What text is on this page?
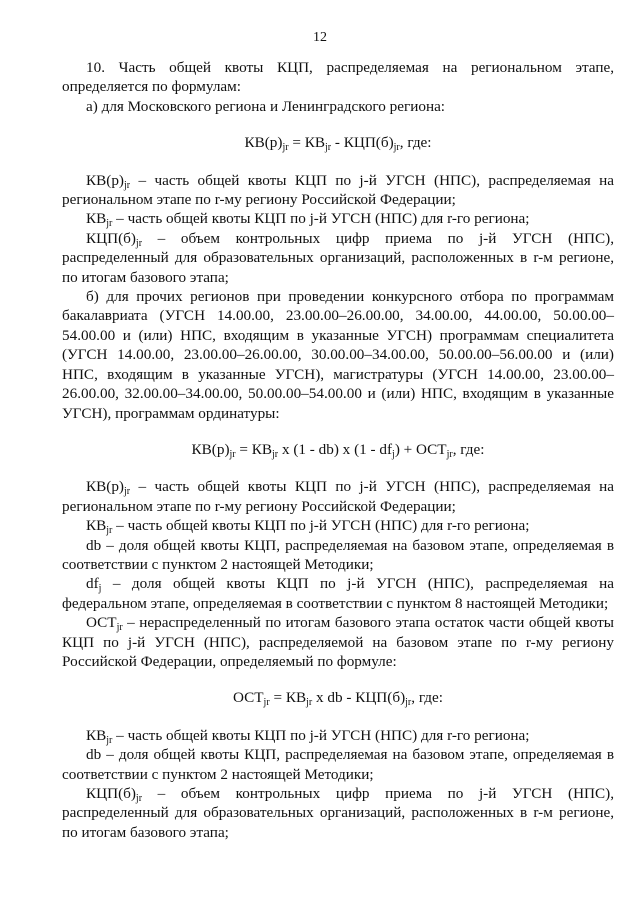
12

10. Часть общей квоты КЦП, распределяемая на региональном этапе, определяется по формулам:

а) для Московского региона и Ленинградского региона:

$КВ(р)_{jr} = КВ_{jr} - КЦП(б)_{jr}$, где:

$КВ(р)_{jr}$ – часть общей квоты КЦП по j-й УГСН (НПС), распределяемая на региональном этапе по r-му региону Российской Федерации;

$КВ_{jr}$ – часть общей квоты КЦП по j-й УГСН (НПС) для r-го региона;

$КЦП(б)_{jr}$ – объем контрольных цифр приема по j-й УГСН (НПС), распределенный для образовательных организаций, расположенных в r-м регионе, по итогам базового этапа;

б) для прочих регионов при проведении конкурсного отбора по программам бакалавриата (УГСН 14.00.00, 23.00.00–26.00.00, 34.00.00, 44.00.00, 50.00.00–54.00.00 и (или) НПС, входящим в указанные УГСН) программам специалитета (УГСН 14.00.00, 23.00.00–26.00.00, 30.00.00–34.00.00, 50.00.00–56.00.00 и (или) НПС, входящим в указанные УГСН), магистратуры (УГСН 14.00.00, 23.00.00–26.00.00, 32.00.00–34.00.00, 50.00.00–54.00.00 и (или) НПС, входящим в указанные УГСН), программам ординатуры:

$КВ(р)_{jr} = КВ_{jr}$ x (1 - db) x $(1 - df_j) + ОСТ_{jr}$, где:

$КВ(р)_{jr}$ – часть общей квоты КЦП по j-й УГСН (НПС), распределяемая на региональном этапе по r-му региону Российской Федерации;

$КВ_{jr}$ – часть общей квоты КЦП по j-й УГСН (НПС) для r-го региона;

db – доля общей квоты КЦП, распределяемая на базовом этапе, определяемая в соответствии с пунктом 2 настоящей Методики;

$df_j$ – доля общей квоты КЦП по j-й УГСН (НПС), распределяемая на федеральном этапе, определяемая в соответствии с пунктом 8 настоящей Методики;

$ОСТ_{jr}$ – нераспределенный по итогам базового этапа остаток части общей квоты КЦП по j-й УГСН (НПС), распределяемой на базовом этапе по r-му региону Российской Федерации, определяемый по формуле:

$ОСТ_{jr} = КВ_{jr}$ x db - $КЦП(б)_{jr}$, где:

$КВ_{jr}$ – часть общей квоты КЦП по j-й УГСН (НПС) для r-го региона;

db – доля общей квоты КЦП, распределяемая на базовом этапе, определяемая в соответствии с пунктом 2 настоящей Методики;

$КЦП(б)_{jr}$ – объем контрольных цифр приема по j-й УГСН (НПС), распределенный для образовательных организаций, расположенных в r-м регионе, по итогам базового этапа;
